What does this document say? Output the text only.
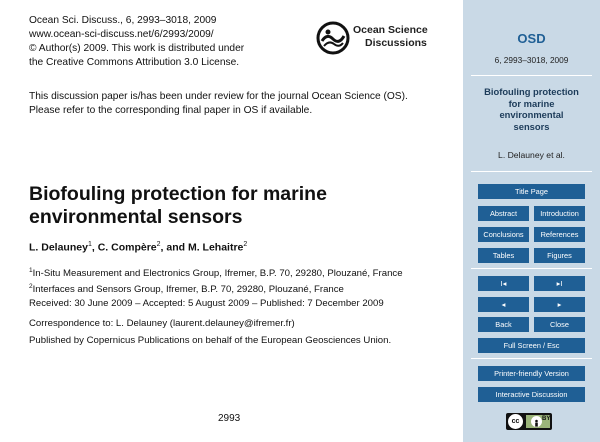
Ocean Sci. Discuss., 6, 2993–3018, 2009
www.ocean-sci-discuss.net/6/2993/2009/
© Author(s) 2009. This work is distributed under
the Creative Commons Attribution 3.0 License.
Ocean Science
Discussions
This discussion paper is/has been under review for the journal Ocean Science (OS).
Please refer to the corresponding final paper in OS if available.
Biofouling protection for marine
environmental sensors
L. Delauney$^1$, C. Compère$^2$, and M. Lehaitre$^2$
$^1$In-Situ Measurement and Electronics Group, Ifremer, B.P. 70, 29280, Plouzané, France
$^2$Interfaces and Sensors Group, Ifremer, B.P. 70, 29280, Plouzané, France
Received: 30 June 2009 – Accepted: 5 August 2009 – Published: 7 December 2009
Correspondence to: L. Delauney (laurent.delauney@ifremer.fr)
Published by Copernicus Publications on behalf of the European Geosciences Union.
2993
OSD
6, 2993–3018, 2009
Biofouling protection
for marine
environmental
sensors
L. Delauney et al.
Title Page
Abstract	Introduction
Conclusions	References
Tables	Figures
I◂	▸I
◂	▸
Back	Close
Full Screen / Esc
Printer-friendly Version
Interactive Discussion
cc	BY
